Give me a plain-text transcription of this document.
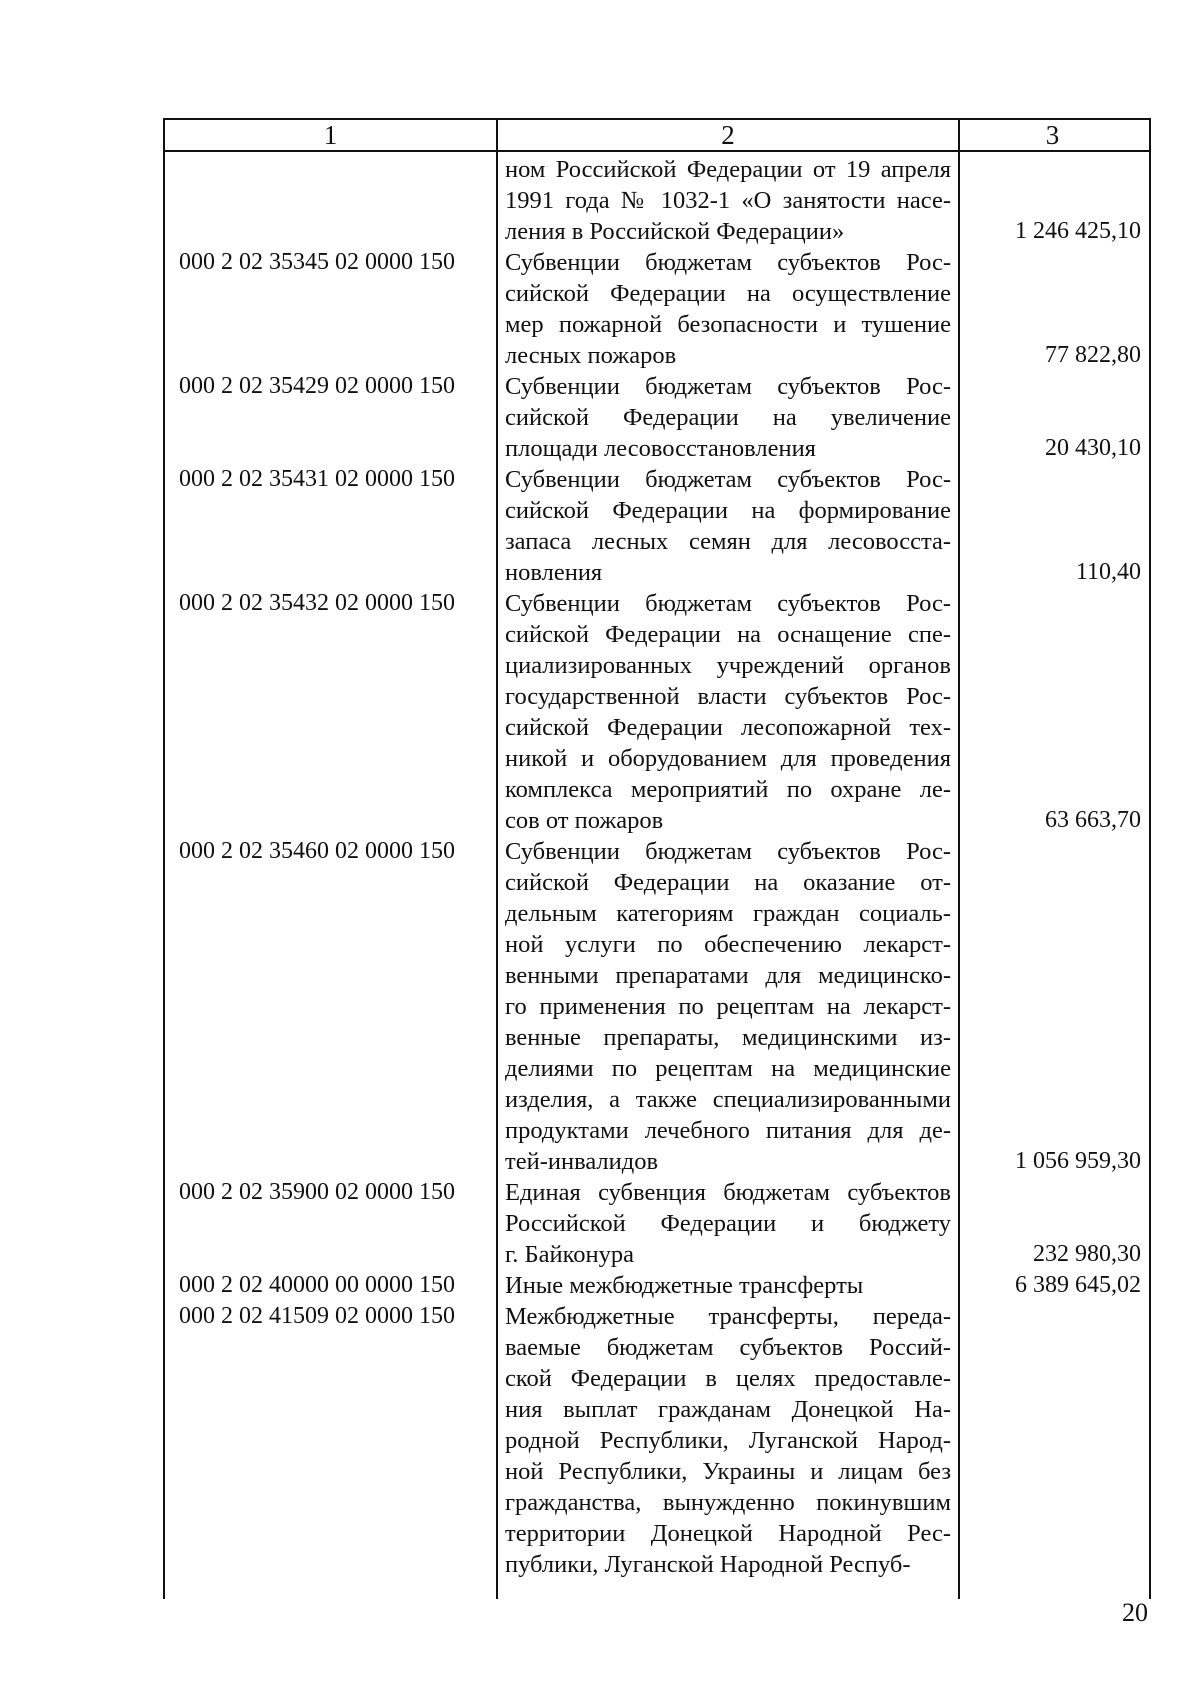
1	2	3
ном Российской Федерации от 19 апреля
1991 года № 1032-1 «О занятости насе-
ления в Российской Федерации»	1 246 425,10
000 2 02 35345 02 0000 150	Субвенции бюджетам субъектов Рос-
сийской Федерации на осуществление
мер пожарной безопасности и тушение
лесных пожаров	77 822,80
000 2 02 35429 02 0000 150	Субвенции бюджетам субъектов Рос-
сийской Федерации на увеличение
площади лесовосстановления	20 430,10
000 2 02 35431 02 0000 150	Субвенции бюджетам субъектов Рос-
сийской Федерации на формирование
запаса лесных семян для лесовосста-
новления	110,40
000 2 02 35432 02 0000 150	Субвенции бюджетам субъектов Рос-
сийской Федерации на оснащение спе-
циализированных учреждений органов
государственной власти субъектов Рос-
сийской Федерации лесопожарной тех-
никой и оборудованием для проведения
комплекса мероприятий по охране ле-
сов от пожаров	63 663,70
000 2 02 35460 02 0000 150	Субвенции бюджетам субъектов Рос-
сийской Федерации на оказание от-
дельным категориям граждан социаль-
ной услуги по обеспечению лекарст-
венными препаратами для медицинско-
го применения по рецептам на лекарст-
венные препараты, медицинскими из-
делиями по рецептам на медицинские
изделия, а также специализированными
продуктами лечебного питания для де-
тей-инвалидов	1 056 959,30
000 2 02 35900 02 0000 150	Единая субвенция бюджетам субъектов
Российской Федерации и бюджету
г. Байконура	232 980,30
000 2 02 40000 00 0000 150	Иные межбюджетные трансферты	6 389 645,02
000 2 02 41509 02 0000 150	Межбюджетные трансферты, переда-
ваемые бюджетам субъектов Россий-
ской Федерации в целях предоставле-
ния выплат гражданам Донецкой На-
родной Республики, Луганской Народ-
ной Республики, Украины и лицам без
гражданства, вынужденно покинувшим
территории Донецкой Народной Рес-
публики, Луганской Народной Респуб-
20
